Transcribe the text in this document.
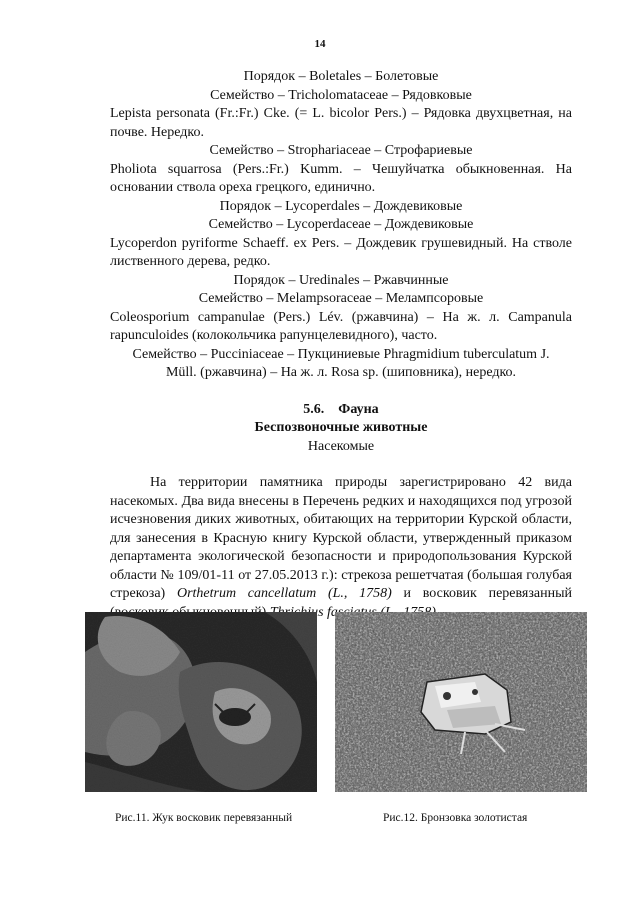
14

Порядок – Boletales – Болетовые

Семейство – Tricholomataceae – Рядовковые

Lepista personata (Fr.:Fr.) Cke. (= L. bicolor Pers.) – Рядовка двухцветная, на почве. Нередко.

Семейство – Strophariaceae – Строфариевые

Pholiota squarrosa (Pers.:Fr.) Kumm. – Чешуйчатка обыкновенная. На основании ствола ореха грецкого, единично.

Порядок – Lycoperdales – Дождевиковые

Семейство – Lycoperdaceae – Дождевиковые

Lycoperdon pyriforme Schaeff. ex Pers. – Дождевик грушевидный. На стволе лиственного дерева, редко.

Порядок – Uredinales – Ржавчинные

Семейство – Melampsoraceae – Мелампсоровые

Coleosporium campanulae (Pers.) Lév. (ржавчина) – На ж. л. Campanula rapunculoides (колокольчика рапунцелевидного), часто.

Семейство – Pucciniaceae – Пукциниевые Phragmidium tuberculatum J.

Müll. (ржавчина) – На ж. л. Rosa sp. (шиповника), нередко.

5.6. Фауна
Беспозвоночные животные
Насекомые

На территории памятника природы зарегистрировано 42 вида насекомых. Два вида внесены в Перечень редких и находящихся под угрозой исчезновения диких животных, обитающих на территории Курской области, для занесения в Красную книгу Курской области, утвержденный приказом департамента экологической безопасности и природопользования Курской области № 109/01-11 от 27.05.2013 г.): стрекоза решетчатая (большая голубая стрекоза) Orthetrum cancellatum (L., 1758) и восковик перевязанный

Рис.11. Жук восковик перевязанный	Рис.12. Бронзовка золотистая
